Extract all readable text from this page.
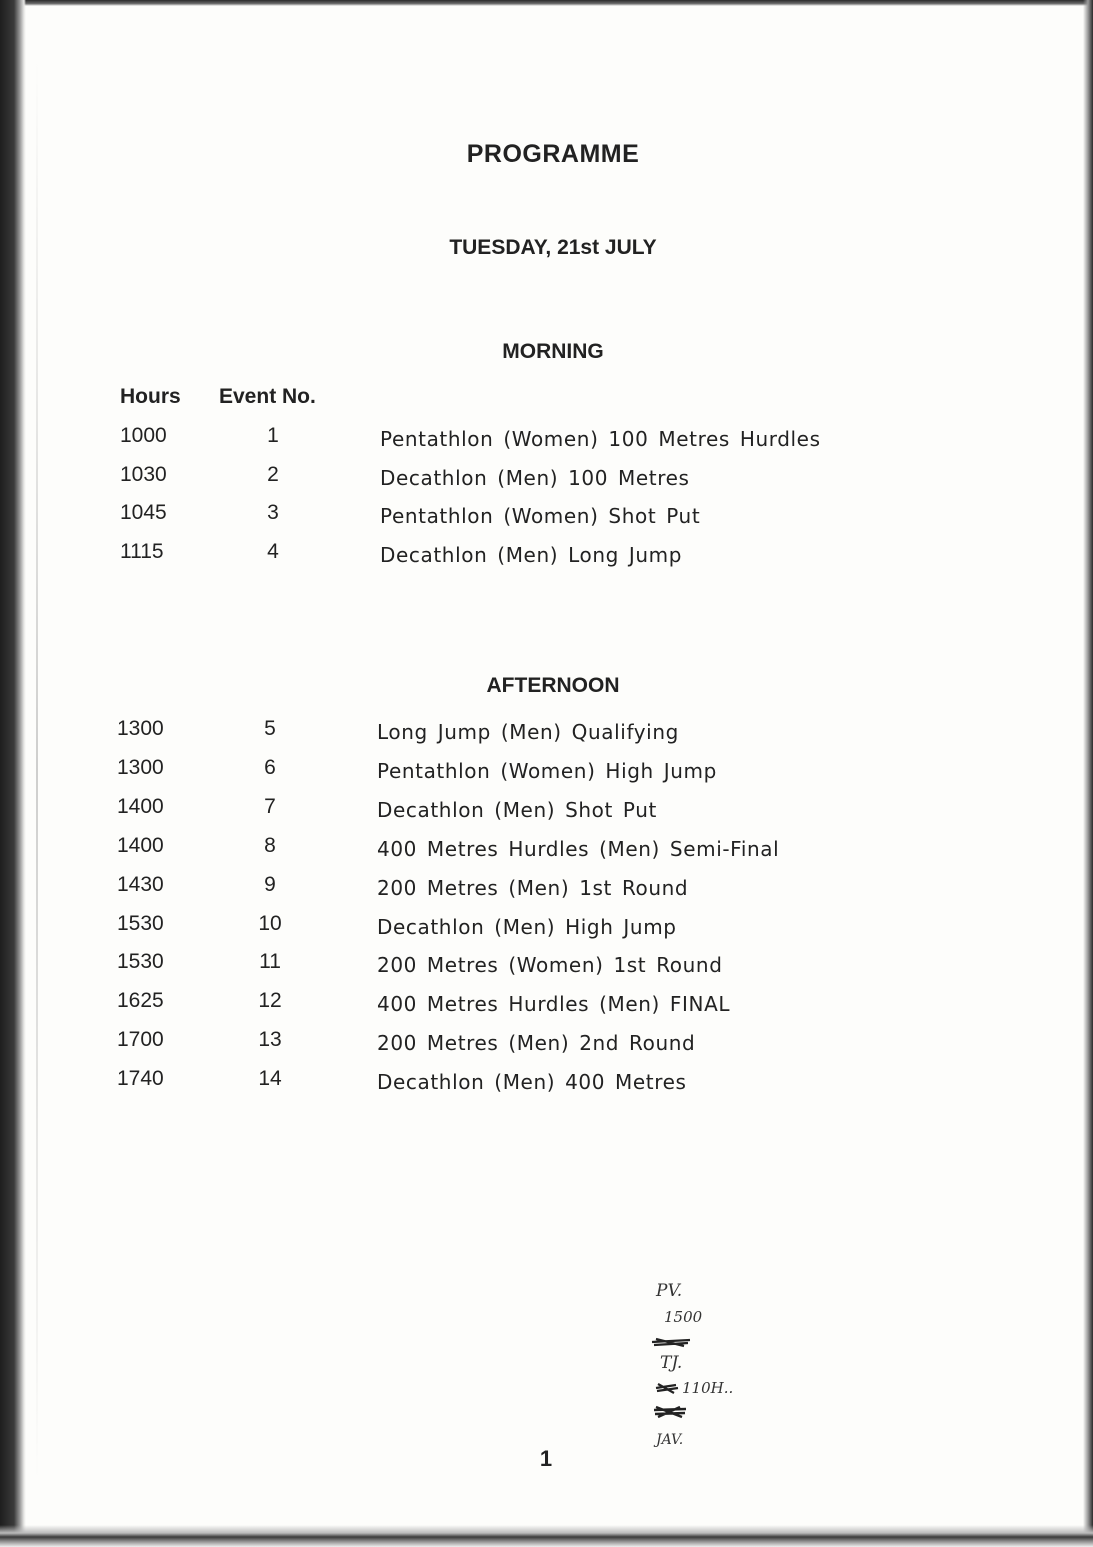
PROGRAMME
TUESDAY, 21st JULY
MORNING
Hours Event No.
1000	1	Pentathlon (Women) 100 Metres Hurdles
1030	2	Decathlon (Men) 100 Metres
1045	3	Pentathlon (Women) Shot Put
1115	4	Decathlon (Men) Long Jump
AFTERNOON
1300	5	Long Jump (Men) Qualifying
1300	6	Pentathlon (Women) High Jump
1400	7	Decathlon (Men) Shot Put
1400	8	400 Metres Hurdles (Men) Semi-Final
1430	9	200 Metres (Men) 1st Round
1530	10	Decathlon (Men) High Jump
1530	11	200 Metres (Women) 1st Round
1625	12	400 Metres Hurdles (Men) FINAL
1700	13	200 Metres (Men) 2nd Round
1740	14	Decathlon (Men) 400 Metres
PV.
1500
TJ.
110H..
JAV.
1
